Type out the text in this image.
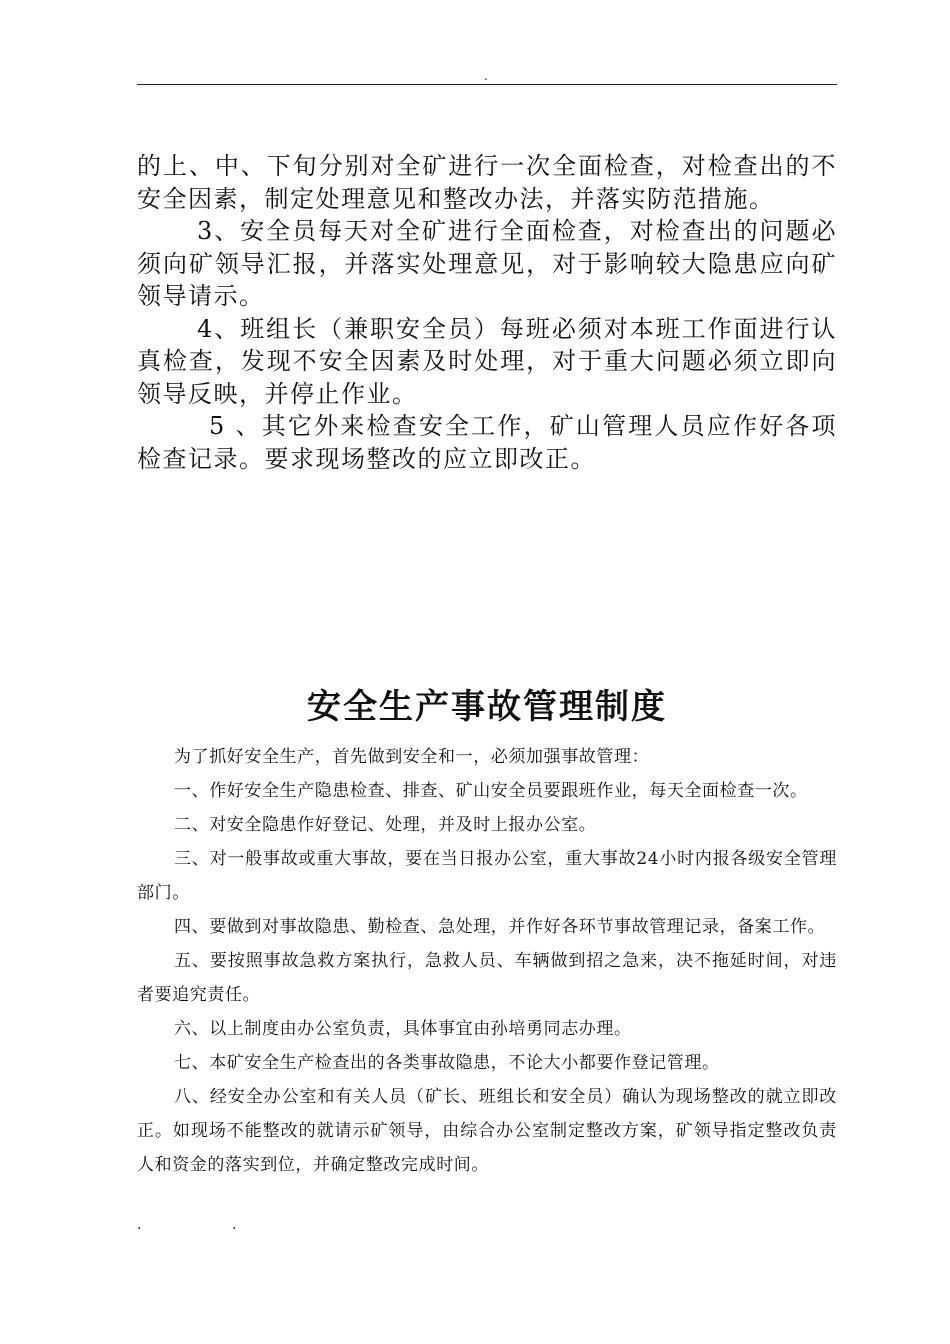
.

的上、中、下旬分别对全矿进行一次全面检查，对检查出的不安全因素，制定处理意见和整改办法，并落实防范措施。

3、安全员每天对全矿进行全面检查，对检查出的问题必须向矿领导汇报，并落实处理意见，对于影响较大隐患应向矿领导请示。

4、班组长（兼职安全员）每班必须对本班工作面进行认真检查，发现不安全因素及时处理，对于重大问题必须立即向领导反映，并停止作业。

5 、其它外来检查安全工作，矿山管理人员应作好各项检查记录。要求现场整改的应立即改正。

安全生产事故管理制度

为了抓好安全生产，首先做到安全和一，必须加强事故管理：

一、作好安全生产隐患检查、排查、矿山安全员要跟班作业，每天全面检查一次。

二、对安全隐患作好登记、处理，并及时上报办公室。

三、对一般事故或重大事故，要在当日报办公室，重大事故24小时内报各级安全管理部门。

四、要做到对事故隐患、勤检查、急处理，并作好各环节事故管理记录，备案工作。

五、要按照事故急救方案执行，急救人员、车辆做到招之急来，决不拖延时间，对违者要追究责任。

六、以上制度由办公室负责，具体事宜由孙培勇同志办理。

七、本矿安全生产检查出的各类事故隐患，不论大小都要作登记管理。

八、经安全办公室和有关人员（矿长、班组长和安全员）确认为现场整改的就立即改正。如现场不能整改的就请示矿领导，由综合办公室制定整改方案，矿领导指定整改负责人和资金的落实到位，并确定整改完成时间。

.	.
